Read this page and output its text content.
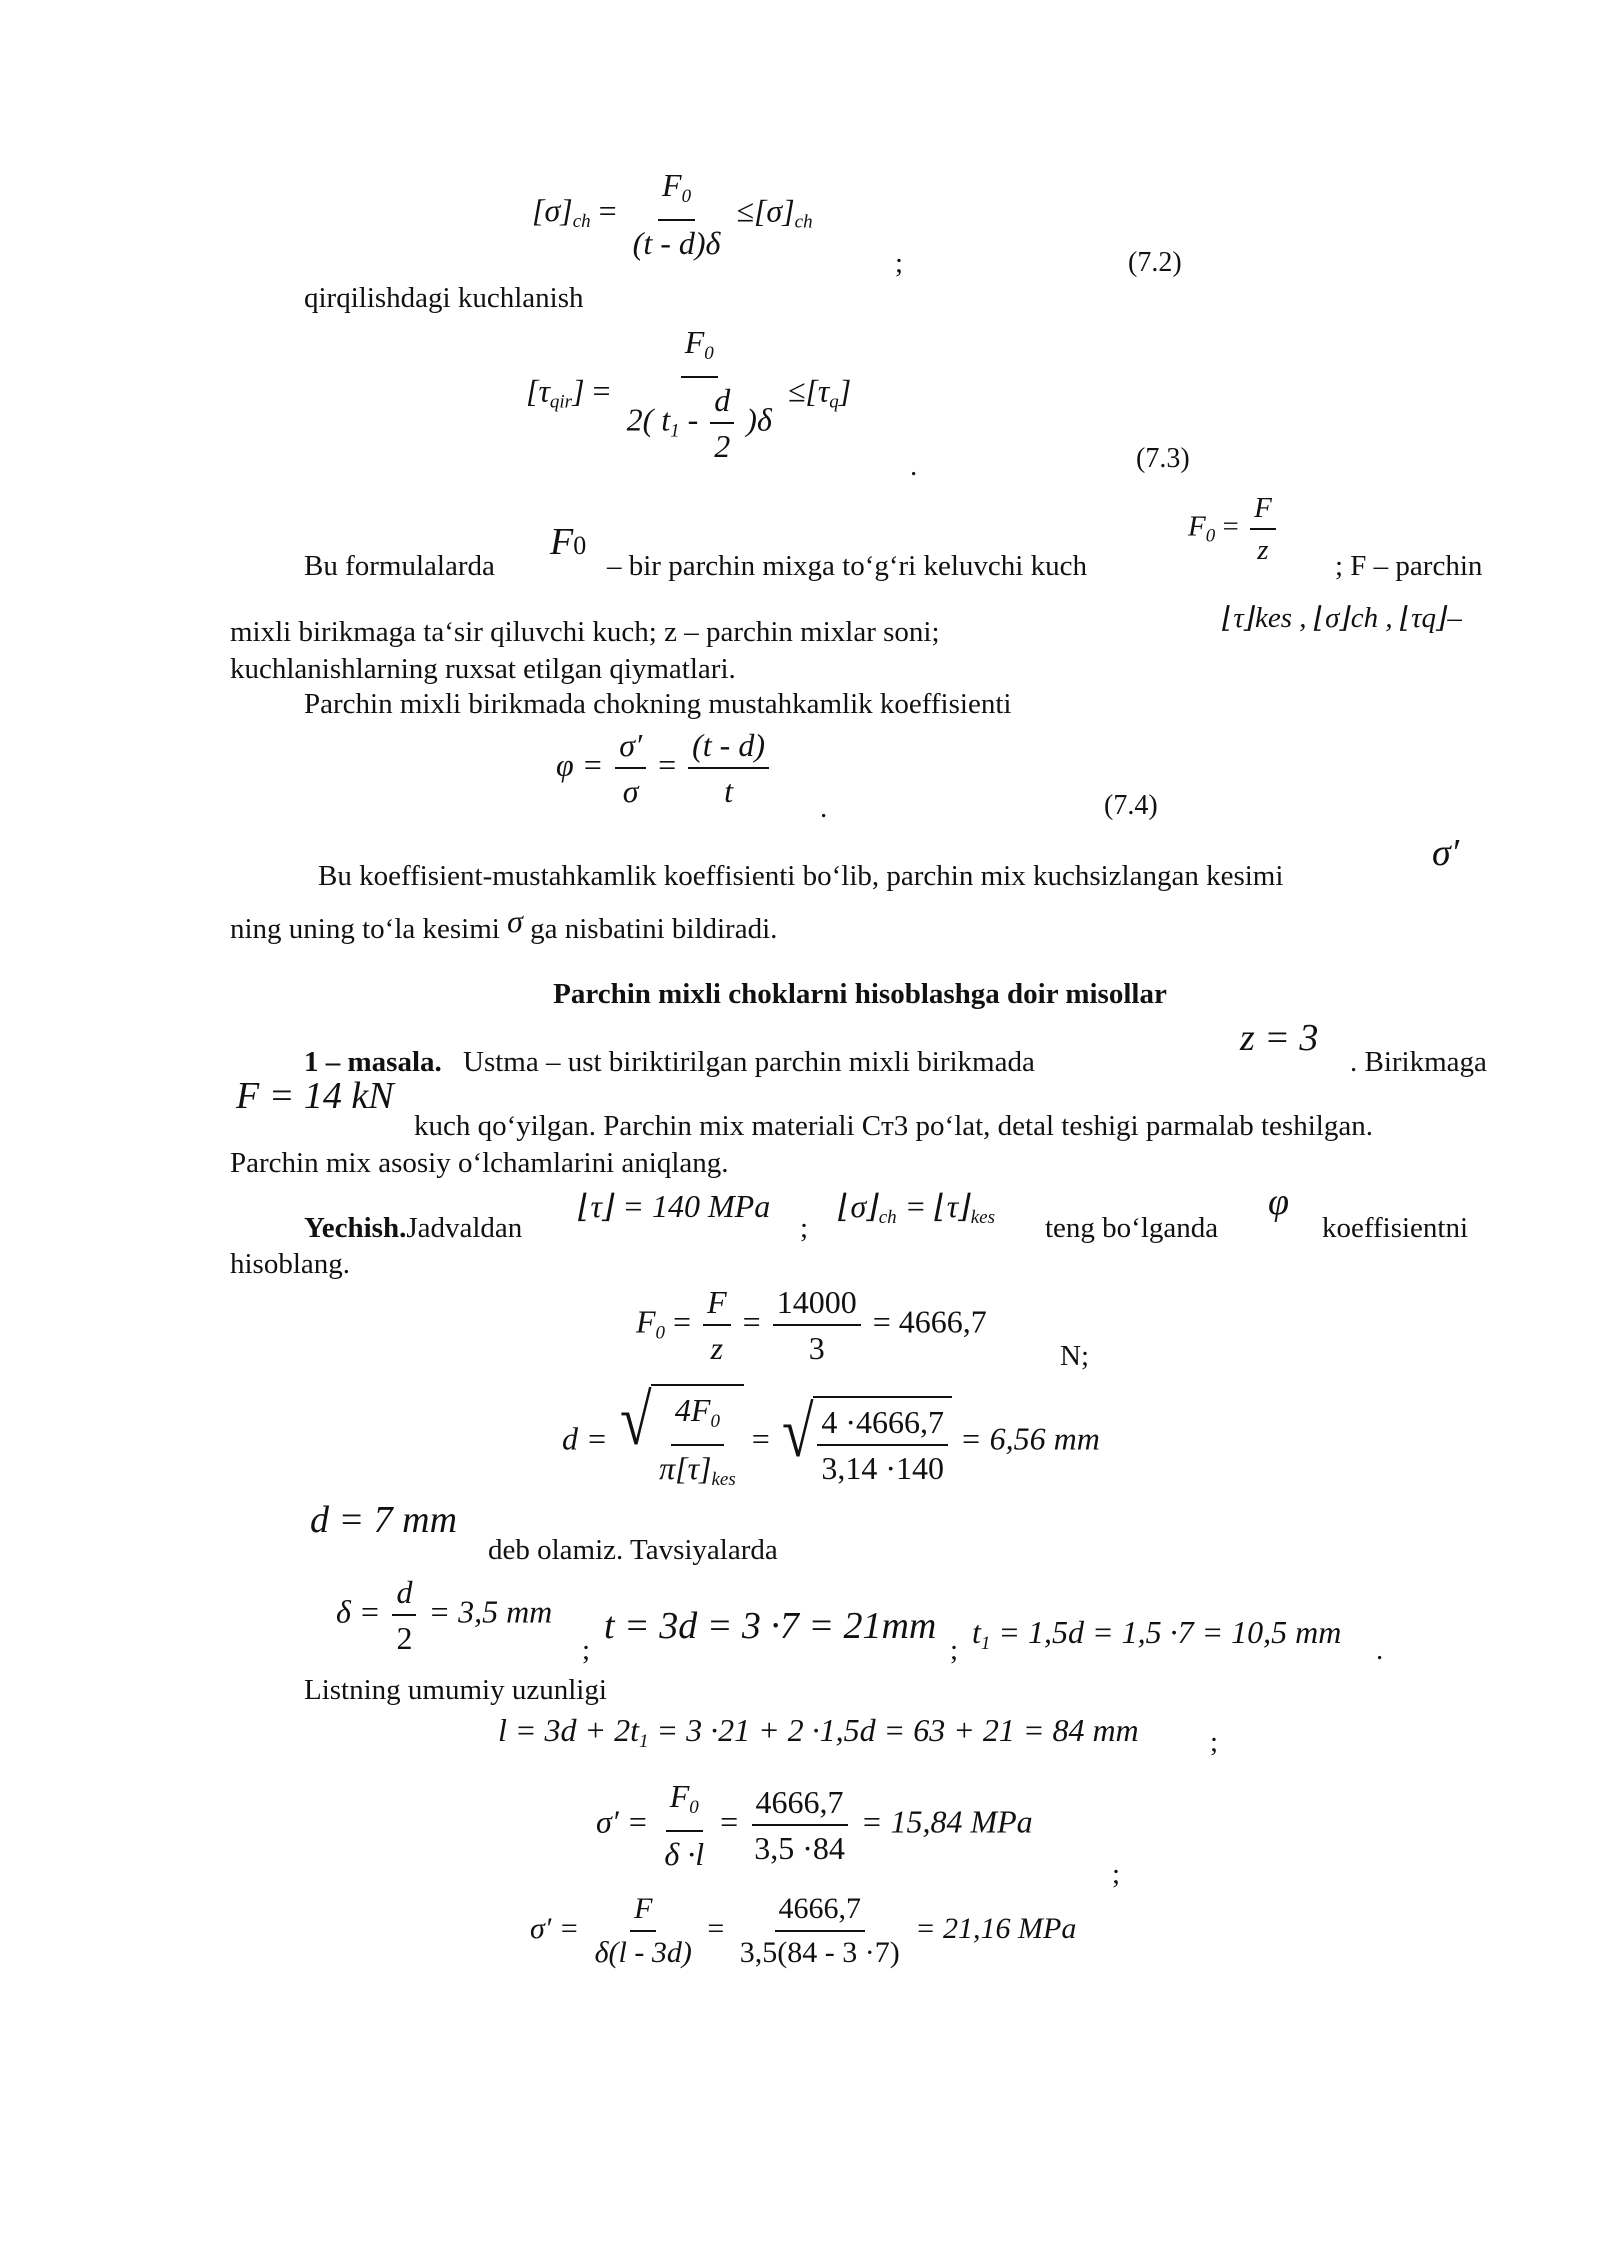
$[\sigma]_{ch} = \frac{F_0}{(t - d)\delta} \le[\sigma]_{ch}$
;	(7.2)
qirqilishdagi kuchlanish
$[\tau_{qir}] = \frac{F_0}{2( t_1 - \frac{d}{2} )\delta} \le[\tau_q]$
.	(7.3)
Bu formulalarda
F0
– bir parchin mixga to‘g‘ri keluvchi kuch
$F_0 = \frac{F}{z}$ ; F – parchin
mixli birikmaga ta‘sir qiluvchi kuch; z – parchin mixlar soni;	⌊τ⌋kes , ⌊σ⌋ch , ⌊τq⌋–
kuchlanishlarning ruxsat etilgan qiymatlari.
Parchin mixli birikmada chokning mustahkamlik koeffisienti
$\varphi = \frac{\sigma'}{\sigma} = \frac{(t - d)}{t}$ .	(7.4)
Bu koeffisient-mustahkamlik koeffisienti bo‘lib, parchin mix kuchsizlangan kesimi
σ′
ning uning to‘la kesimi σ ga nisbatini bildiradi.
Parchin mixli choklarni hisoblashga doir misollar
1 – masala. Ustma – ust biriktirilgan parchin mixli birikmada
z = 3
. Birikmaga
F = 14 kN
kuch qo‘yilgan. Parchin mix materiali Cт3 po‘lat, detal teshigi parmalab teshilgan.
Parchin mix asosiy o‘lchamlarini aniqlang.
Yechish.Jadvaldan
⌊τ⌋ = 140 MPa
;
$⌊\sigma⌋_{ch}$ = $⌊\tau⌋_{kes}$ teng bo‘lganda
φ
koeffisientni
hisoblang.
$F_0 = \frac{F}{z} = \frac{14000}{3} = 4666,7$
N;
d = √ $\frac{4F_0}{\pi[\tau]_{kes}}$ = √ $\frac{4 \cdot 4666,7}{3,14 \cdot 140} = 6,56$ mm
d = 7 mm
deb olamiz. Tavsiyalarda
$\delta = \frac{d}{2} = 3,5$ mm
;
t = 3d = 3 ·7 = 21mm
; $t_1 = 1,5d = 1,5 \cdot 7 = 10,5$ mm .
Listning umumiy uzunligi
$l = 3d + 2t_1 = 3 \cdot 21 + 2 \cdot 1,5d = 63 + 21 = 84$ mm ;
$\sigma' = \frac{F_0}{\delta \cdot l} = \frac{4666,7}{3,5 \cdot 84} = 15,84$ MPa
;
$\sigma' = \frac{F}{\delta(l - 3d)} = \frac{4666,7}{3,5(84 - 3 \cdot 7)} = 21,16$ MPa
